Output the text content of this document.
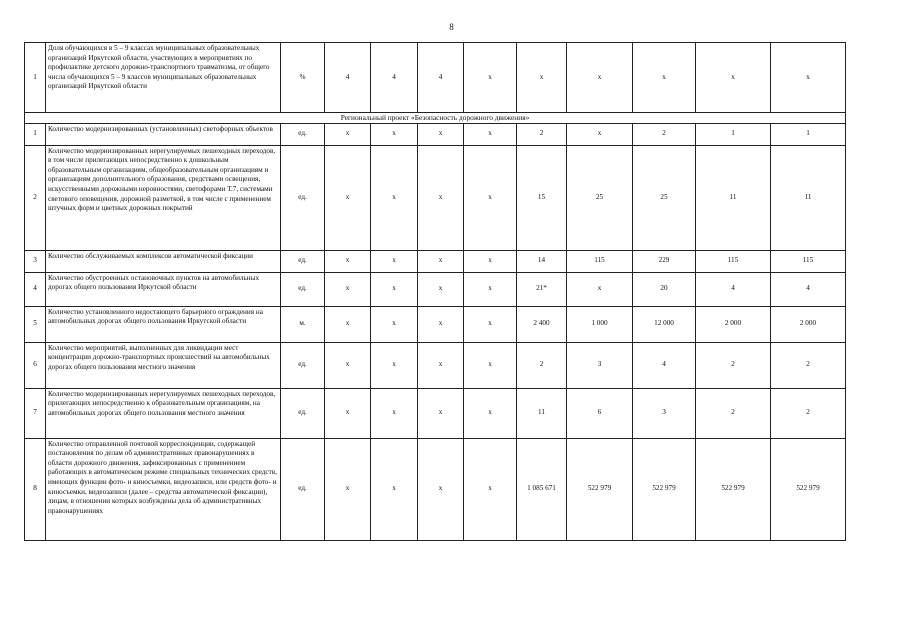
8
1	Доля обучающихся в 5 – 9 классах муниципальных образовательных организаций Иркутской области, участвующих в мероприятиях по профилактике детского дорожно-транспортного травматизма, от общего числа обучающихся 5 – 9 классов муниципальных образовательных организаций Иркутской области	%	4	4	4	х	х	х	х	х	х
Региональный проект «Безопасность дорожного движения»											
1	Количество модернизированных (установленных) светофорных объектов	ед.	х	х	х	х	2	х	2	1	1
2	Количество модернизированных нерегулируемых пешеходных переходов, в том числе прилегающих непосредственно к дошкольным образовательным организациям, общеобразовательным организациям и организациям дополнительного образования, средствами освещения, искусственными дорожными неровностями, светофорами Т.7, системами светового оповещения, дорожной разметкой, в том числе с применением штучных форм и цветных дорожных покрытий	ед.	х	х	х	х	15	25	25	11	11
3	Количество обслуживаемых комплексов автоматической фиксации	ед.	х	х	х	х	14	115	229	115	115
4	Количество обустроенных остановочных пунктов на автомобильных дорогах общего пользования Иркутской области	ед.	х	х	х	х	21*	х	20	4	4
5	Количество установленного недостающего барьерного ограждения на автомобильных дорогах общего пользования Иркутской области	м.	х	х	х	х	2 400	1 000	12 000	2 000	2 000
6	Количество мероприятий, выполненных для ликвидации мест концентрации дорожно-транспортных происшествий на автомобильных дорогах общего пользования местного значения	ед.	х	х	х	х	2	3	4	2	2
7	Количество модернизированных нерегулируемых пешеходных переходов, прилегающих непосредственно к образовательным организациям, на автомобильных дорогах общего пользования местного значения	ед.	х	х	х	х	11	6	3	2	2
8	Количество отправленной почтовой корреспонденции, содержащей постановления по делам об административных правонарушениях в области дорожного движения, зафиксированных с применением работающих в автоматическом режиме специальных технических средств, имеющих функции фото- и киносъемки, видеозаписи, или средств фото- и киносъемки, видеозаписи (далее – средства автоматической фиксации), лицам, в отношении которых возбуждены дела об административных правонарушениях	ед.	х	х	х	х	1 085 671	522 979	522 979	522 979	522 979
